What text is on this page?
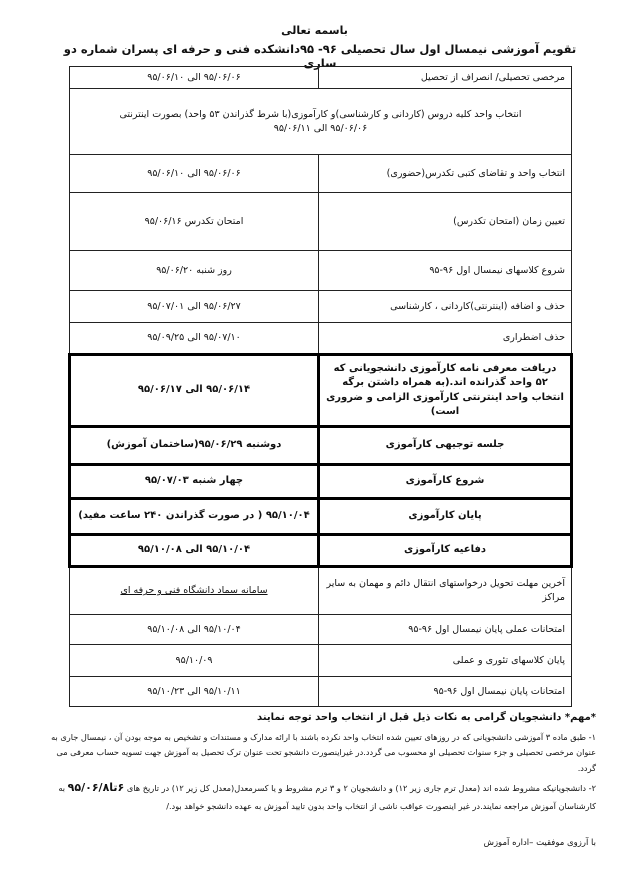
باسمه تعالی
تقویم آموزشی نیمسال اول سال تحصیلی ۹۶- ۹۵دانشکده فنی و حرفه ای پسران شماره دو ساری
مرخصی تحصیلی/ انصراف از تحصیل	۹۵/۰۶/۰۶ الی ۹۵/۰۶/۱۰

انتخاب واحد کلیه دروس (کاردانی و کارشناسی)و کارآموزی(با شرط گذراندن ۵۳ واحد) بصورت اینترنتی
۹۵/۰۶/۰۶ الی ۹۵/۰۶/۱۱	

انتخاب واحد و تقاضای کتبی تکدرس(حضوری)	۹۵/۰۶/۰۶ الی ۹۵/۰۶/۱۰
تعیین زمان (امتحان تکدرس)	امتحان تکدرس ۹۵/۰۶/۱۶
شروع کلاسهای نیمسال اول ۹۶-۹۵	روز شنبه ۹۵/۰۶/۲۰
حذف و اضافه (اینترنتی)کاردانی ، کارشناسی	۹۵/۰۶/۲۷ الی ۹۵/۰۷/۰۱
حذف اضطراری	۹۵/۰۷/۱۰ الی ۹۵/۰۹/۲۵
دریافت معرفی نامه کارآموزی دانشجویانی که ۵۲ واحد گذرانده اند.(به همراه داشتن برگه انتخاب واحد اینترنتی کارآموزی الزامی و ضروری است)	۹۵/۰۶/۱۴ الی ۹۵/۰۶/۱۷
جلسه توجیهی کارآموزی	دوشنبه ۹۵/۰۶/۲۹(ساختمان آموزش)
شروع کارآموزی	چهار شنبه ۹۵/۰۷/۰۳
پایان کارآموزی	۹۵/۱۰/۰۴ ( در صورت گذراندن ۲۴۰ ساعت مفید)
دفاعیه کارآموزی	۹۵/۱۰/۰۴ الی ۹۵/۱۰/۰۸
آخرین مهلت تحویل درخواستهای انتقال دائم و مهمان به سایر مراکز	سامانه سماد دانشگاه فنی و حرفه ای
امتحانات عملی پایان نیمسال اول ۹۶-۹۵	۹۵/۱۰/۰۴ الی ۹۵/۱۰/۰۸
پایان کلاسهای تئوری و عملی	۹۵/۱۰/۰۹
امتحانات پایان نیمسال اول ۹۶-۹۵	۹۵/۱۰/۱۱ الی ۹۵/۱۰/۲۳
*مهم* دانشجویان گرامی به نکات ذیل قبل از انتخاب واحد توجه نمایند
۱- طبق ماده ۳ آموزشی دانشجویانی که در روزهای تعیین شده انتخاب واحد نکرده باشند با ارائه مدارک و مستندات و تشخیص به موجه بودن آن ، نیمسال جاری به عنوان مرخصی تحصیلی و جزء سنوات تحصیلی او محسوب می گردد.در غیراینصورت دانشجو تحت عنوان ترک تحصیل به آموزش جهت تسویه حساب معرفی می گردد.
۲- دانشجویانیکه مشروط شده اند (معدل ترم جاری زیر ۱۲) و دانشجویان ۲ و ۳ ترم مشروط و یا کسرمعدل(معدل کل زیر ۱۲) در تاریخ های ۶تا۹۵/۰۶/۸ به کارشناسان آموزش مراجعه نمایند.در غیر اینصورت عواقب ناشی از انتخاب واحد بدون تایید آموزش به عهده دانشجو خواهد بود./
با آرزوی موفقیت –اداره آموزش
